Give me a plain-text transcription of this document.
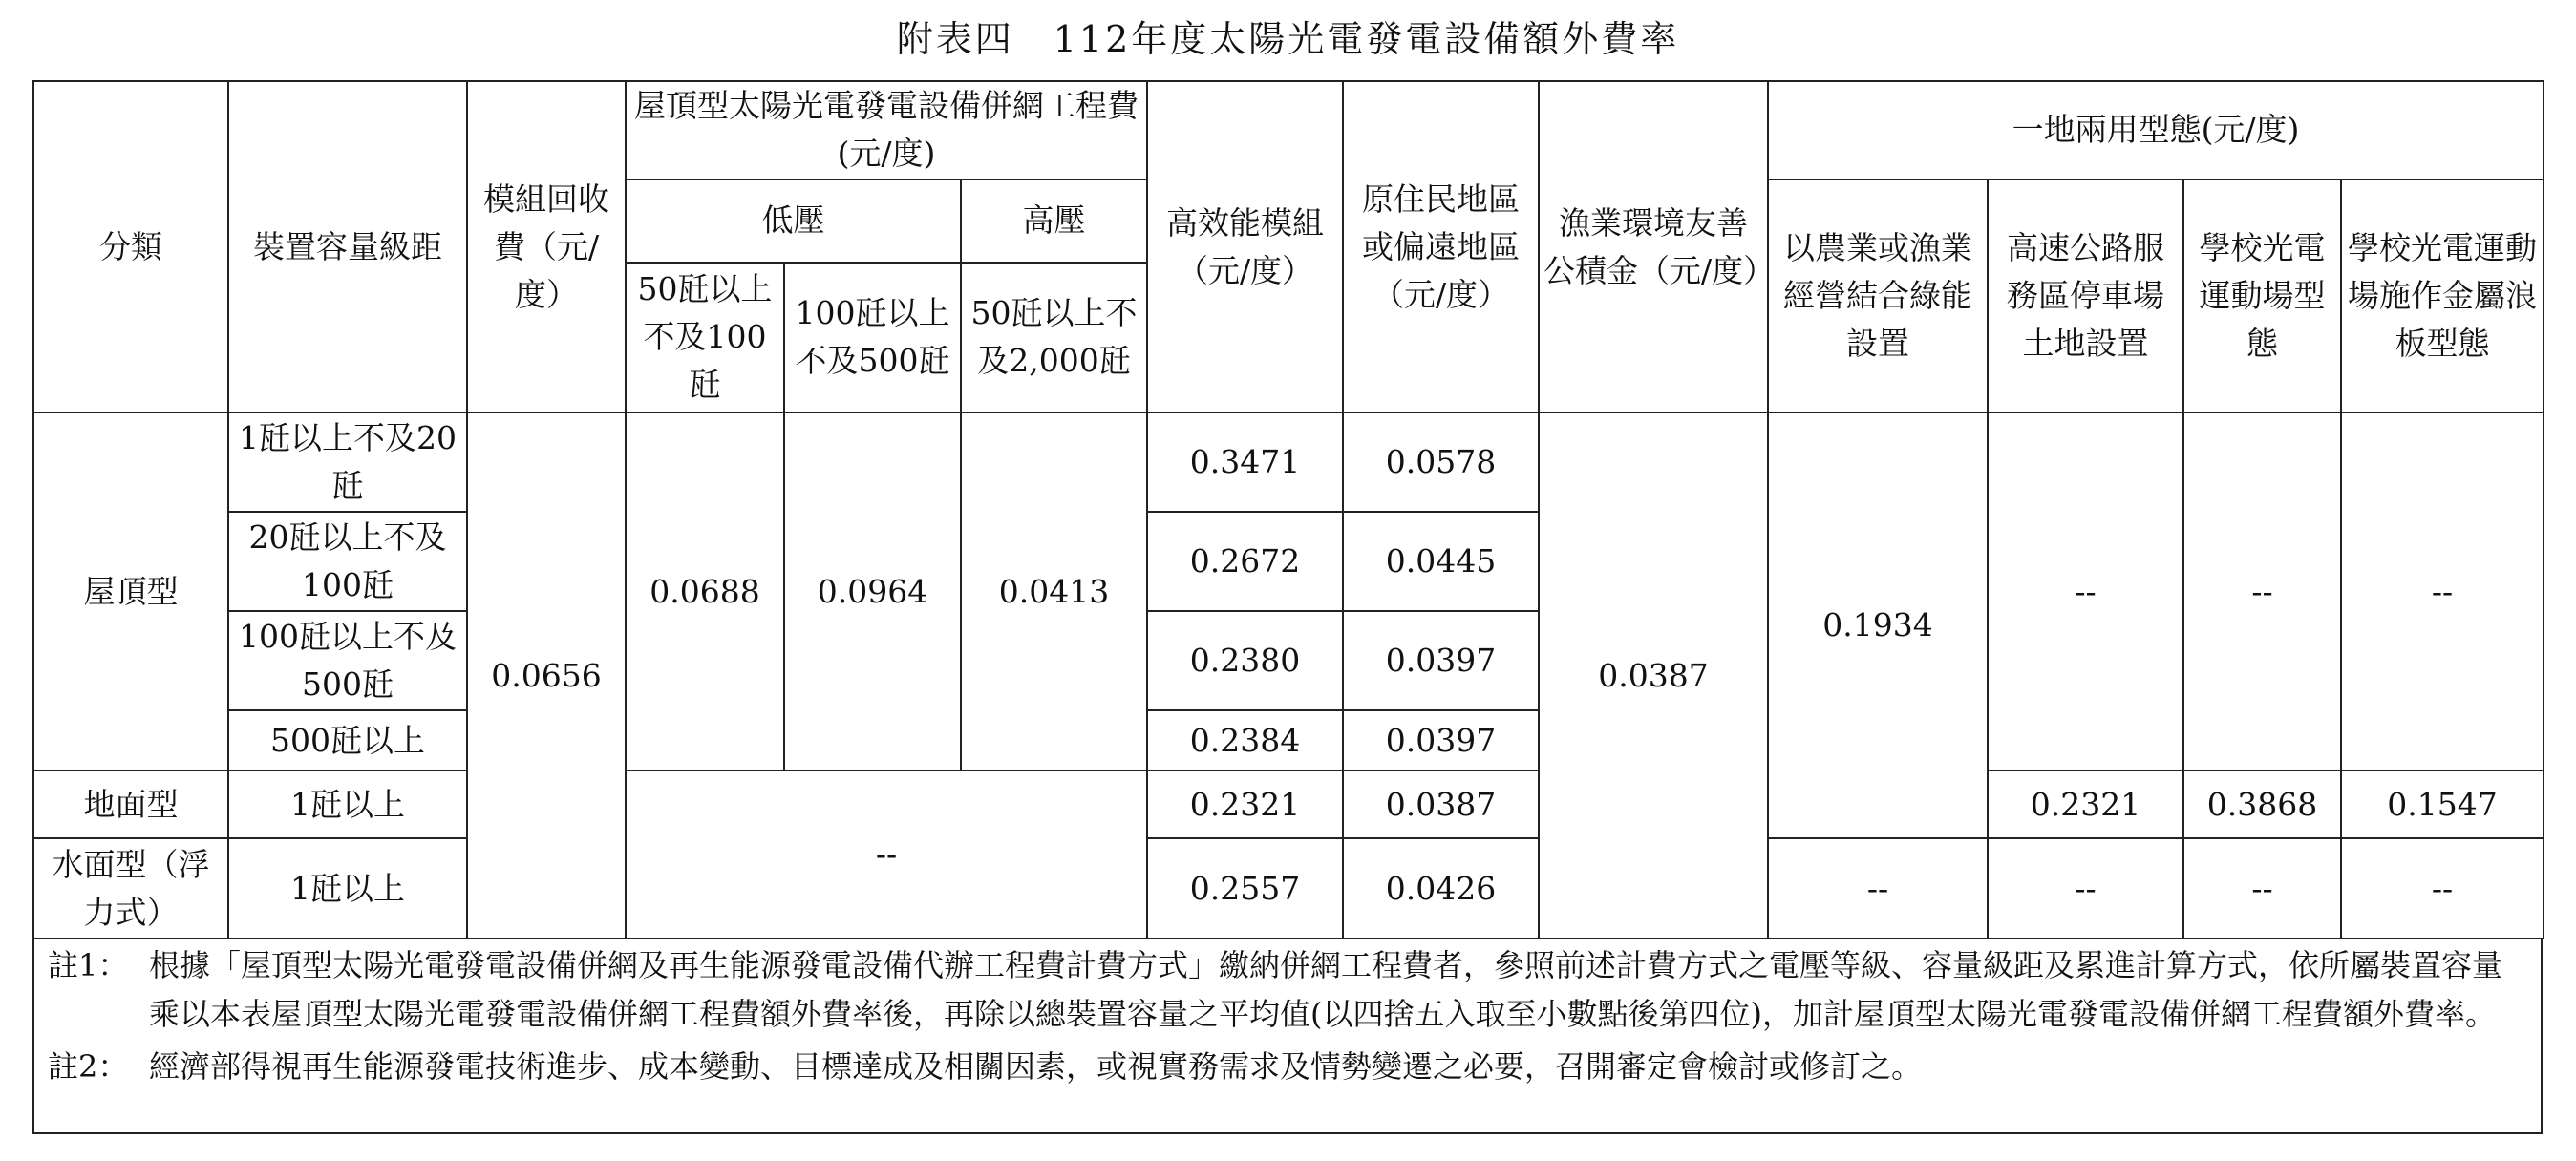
附表四　112年度太陽光電發電設備額外費率
分類	裝置容量級距	模組回收費（元/度）	屋頂型太陽光電發電設備併網工程費(元/度)			高效能模組（元/度）	原住民地區或偏遠地區（元/度）	漁業環境友善公積金（元/度）	一地兩用型態(元/度)			
			低壓		高壓				以農業或漁業經營結合綠能設置	高速公路服務區停車場土地設置	學校光電運動場型態	學校光電運動場施作金屬浪板型態
			50瓩以上不及100瓩	100瓩以上不及500瓩	50瓩以上不及2,000瓩							
屋頂型	1瓩以上不及20瓩	0.0656	0.0688	0.0964	0.0413	0.3471	0.0578	0.0387	0.1934	--	--	--
	20瓩以上不及100瓩					0.2672	0.0445					
	100瓩以上不及500瓩					0.2380	0.0397					
	500瓩以上					0.2384	0.0397					
地面型	1瓩以上		--			0.2321	0.0387			0.2321	0.3868	0.1547
水面型（浮力式）	1瓩以上					0.2557	0.0426		--	--	--	--
註1： 根據「屋頂型太陽光電發電設備併網及再生能源發電設備代辦工程費計費方式」繳納併網工程費者，參照前述計費方式之電壓等級、容量級距及累進計算方式，依所屬裝置容量乘以本表屋頂型太陽光電發電設備併網工程費額外費率後，再除以總裝置容量之平均值(以四捨五入取至小數點後第四位)，加計屋頂型太陽光電發電設備併網工程費額外費率。
註2： 經濟部得視再生能源發電技術進步、成本變動、目標達成及相關因素，或視實務需求及情勢變遷之必要，召開審定會檢討或修訂之。
